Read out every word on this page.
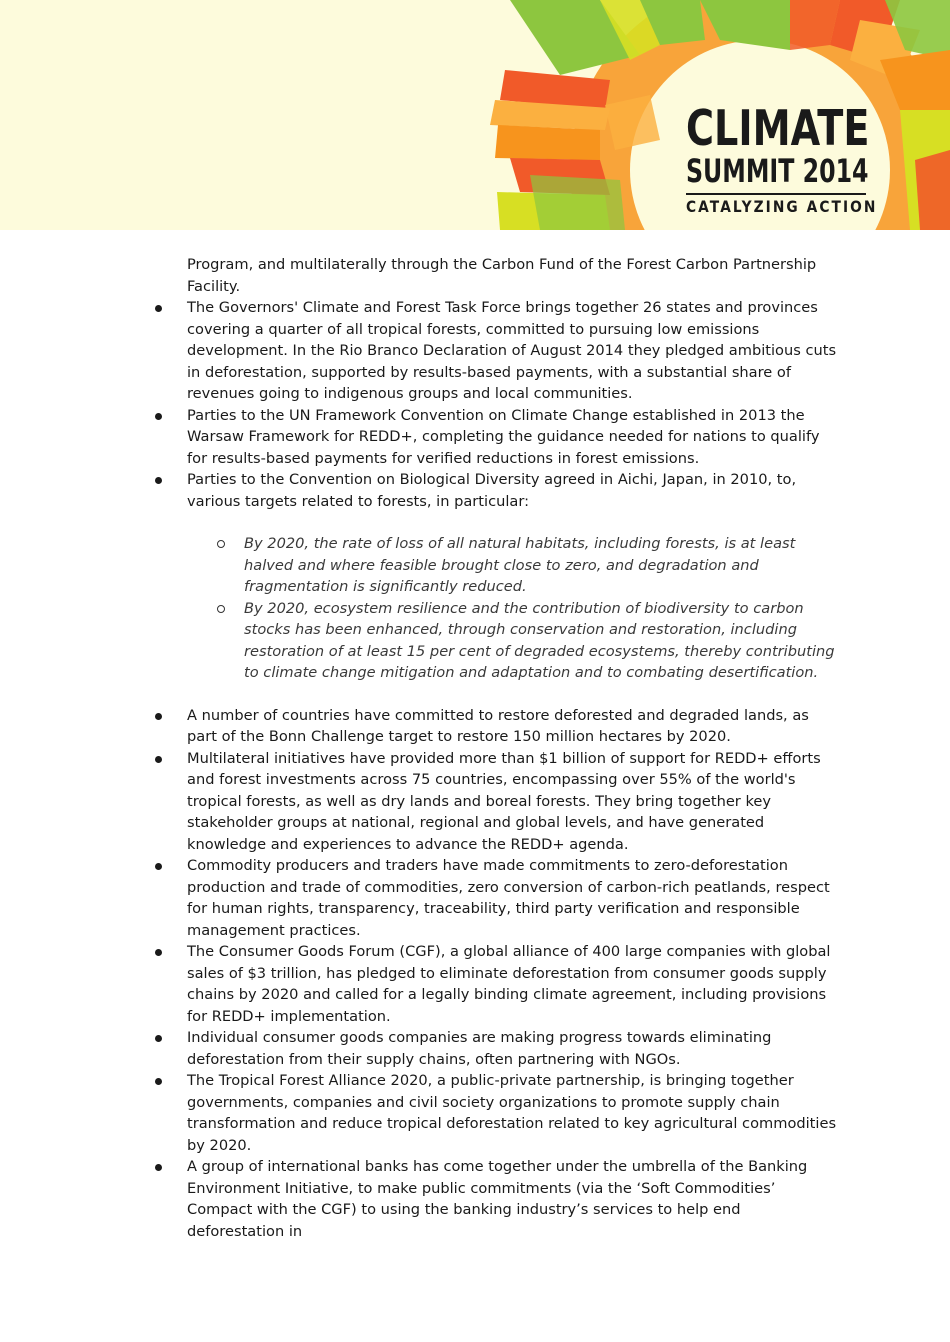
CLIMATE
SUMMIT 2014
CATALYZING ACTION
Program, and multilaterally through the Carbon Fund of the Forest Carbon Partnership Facility.
The Governors' Climate and Forest Task Force brings together 26 states and provinces covering a quarter of all tropical forests, committed to pursuing low emissions development. In the Rio Branco Declaration of August 2014 they pledged ambitious cuts in deforestation, supported by results-based payments, with a substantial share of revenues going to indigenous groups and local communities.
Parties to the UN Framework Convention on Climate Change established in 2013 the Warsaw Framework for REDD+, completing the guidance needed for nations to qualify for results-based payments for verified reductions in forest emissions.
Parties to the Convention on Biological Diversity agreed in Aichi, Japan, in 2010, to, various targets related to forests, in particular:
By 2020, the rate of loss of all natural habitats, including forests, is at least halved and where feasible brought close to zero, and degradation and fragmentation is significantly reduced.
By 2020, ecosystem resilience and the contribution of biodiversity to carbon stocks has been enhanced, through conservation and restoration, including restoration of at least 15 per cent of degraded ecosystems, thereby contributing to climate change mitigation and adaptation and to combating desertification.
A number of countries have committed to restore deforested and degraded lands, as part of the Bonn Challenge target to restore 150 million hectares by 2020.
Multilateral initiatives have provided more than $1 billion of support for REDD+ efforts and forest investments across 75 countries, encompassing over 55% of the world's tropical forests, as well as dry lands and boreal forests. They bring together key stakeholder groups at national, regional and global levels, and have generated knowledge and experiences to advance the REDD+ agenda.
Commodity producers and traders have made commitments to zero-deforestation production and trade of commodities, zero conversion of carbon-rich peatlands, respect for human rights, transparency, traceability, third party verification and responsible management practices.
The Consumer Goods Forum (CGF), a global alliance of 400 large companies with global sales of $3 trillion, has pledged to eliminate deforestation from consumer goods supply chains by 2020 and called for a legally binding climate agreement, including provisions for REDD+ implementation.
Individual consumer goods companies are making progress towards eliminating deforestation from their supply chains, often partnering with NGOs.
The Tropical Forest Alliance 2020, a public-private partnership, is bringing together governments, companies and civil society organizations to promote supply chain transformation and reduce tropical deforestation related to key agricultural commodities by 2020.
A group of international banks has come together under the umbrella of the Banking Environment Initiative, to make public commitments (via the ‘Soft Commodities’ Compact with the CGF) to using the banking industry’s services to help end deforestation in
